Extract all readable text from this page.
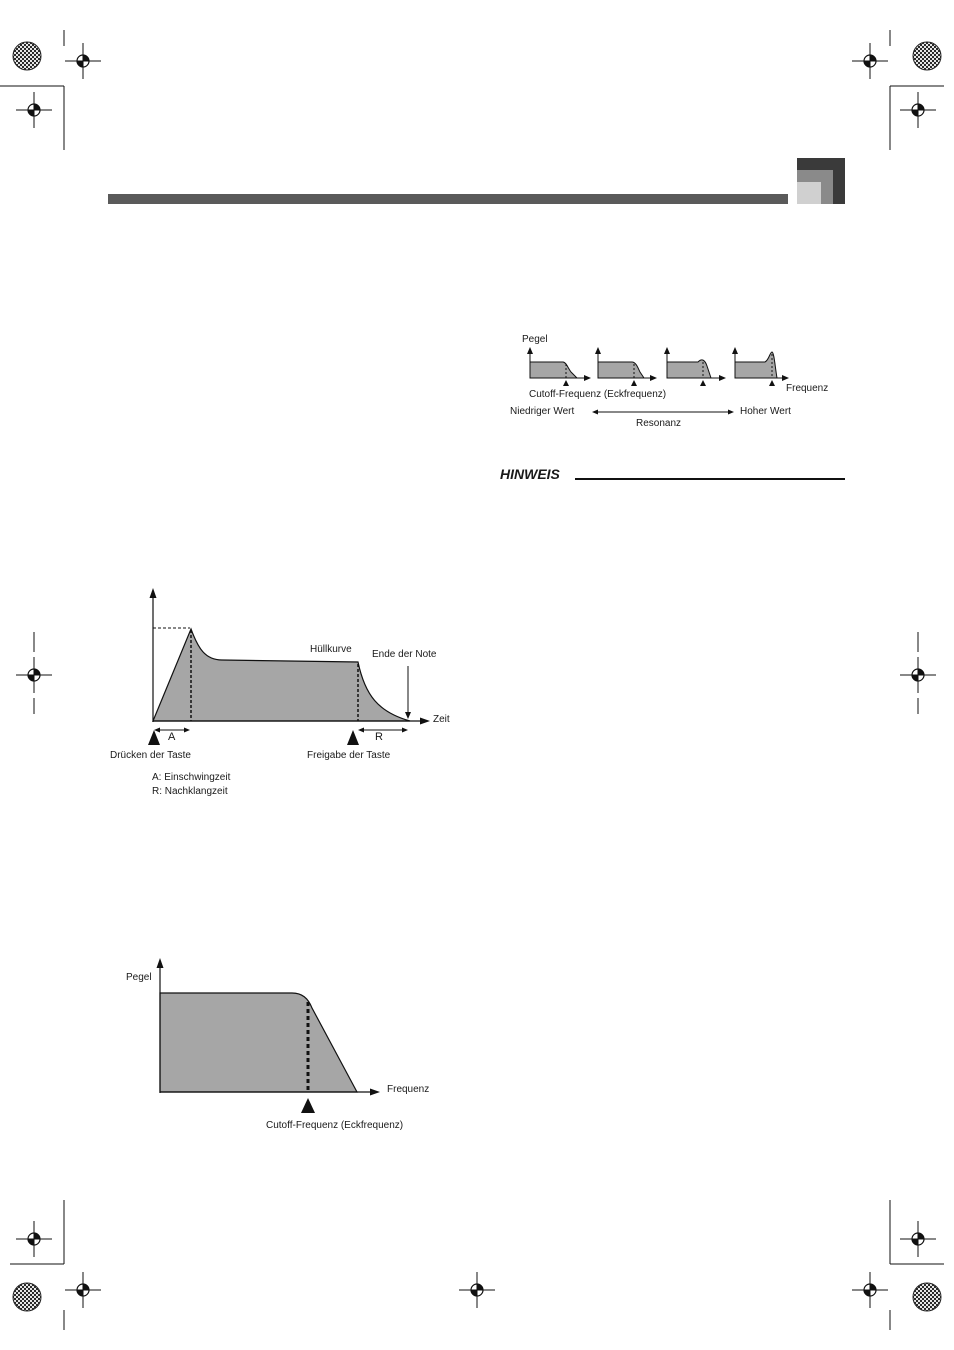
Pegel
Frequenz
Cutoff-Frequenz (Eckfrequenz)
Niedriger Wert	Hoher Wert
Resonanz
HINWEIS
Hüllkurve Ende der Note
Zeit
A	R
Drücken der Taste	Freigabe der Taste
A: Einschwingzeit
R: Nachklangzeit
Pegel
Frequenz
Cutoff-Frequenz (Eckfrequenz)
